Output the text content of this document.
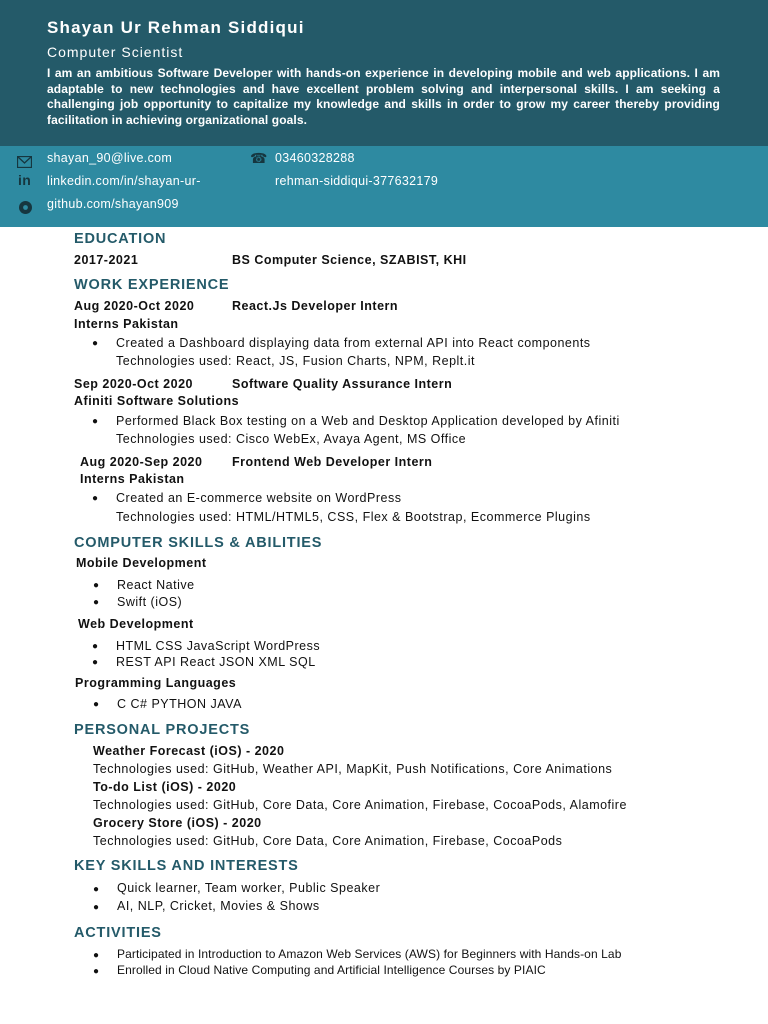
Shayan Ur Rehman Siddiqui
Computer Scientist
I am an ambitious Software Developer with hands-on experience in developing mobile and web applications. I am adaptable to new technologies and have excellent problem solving and interpersonal skills. I am seeking a challenging job opportunity to capitalize my knowledge and skills in order to grow my career thereby providing facilitation in achieving organizational goals.
shayan_90@live.com	☎ 03460328288
in linkedin.com/in/shayan-ur-	rehman-siddiqui-377632179
github.com/shayan909
EDUCATION
2017-2021	BS Computer Science, SZABIST, KHI
WORK EXPERIENCE
Aug 2020-Oct 2020	React.Js Developer Intern
Interns Pakistan
● Created a Dashboard displaying data from external API into React components
Technologies used: React, JS, Fusion Charts, NPM, Replt.it
Sep 2020-Oct 2020	Software Quality Assurance Intern
Afiniti Software Solutions
● Performed Black Box testing on a Web and Desktop Application developed by Afiniti
Technologies used: Cisco WebEx, Avaya Agent, MS Office
Aug 2020-Sep 2020 Frontend Web Developer Intern
Interns Pakistan
● Created an E-commerce website on WordPress
Technologies used: HTML/HTML5, CSS, Flex & Bootstrap, Ecommerce Plugins
COMPUTER SKILLS & ABILITIES
Mobile Development
● React Native
● Swift (iOS)
Web Development
● HTML CSS JavaScript WordPress
● REST API React JSON XML SQL
Programming Languages
● C C# PYTHON JAVA
PERSONAL PROJECTS
Weather Forecast (iOS) - 2020
Technologies used: GitHub, Weather API, MapKit, Push Notifications, Core Animations
To-do List (iOS) - 2020
Technologies used: GitHub, Core Data, Core Animation, Firebase, CocoaPods, Alamofire
Grocery Store (iOS) - 2020
Technologies used: GitHub, Core Data, Core Animation, Firebase, CocoaPods
KEY SKILLS AND INTERESTS
● Quick learner, Team worker, Public Speaker
● AI, NLP, Cricket, Movies & Shows
ACTIVITIES
● Participated in Introduction to Amazon Web Services (AWS) for Beginners with Hands-on Lab
● Enrolled in Cloud Native Computing and Artificial Intelligence Courses by PIAIC
